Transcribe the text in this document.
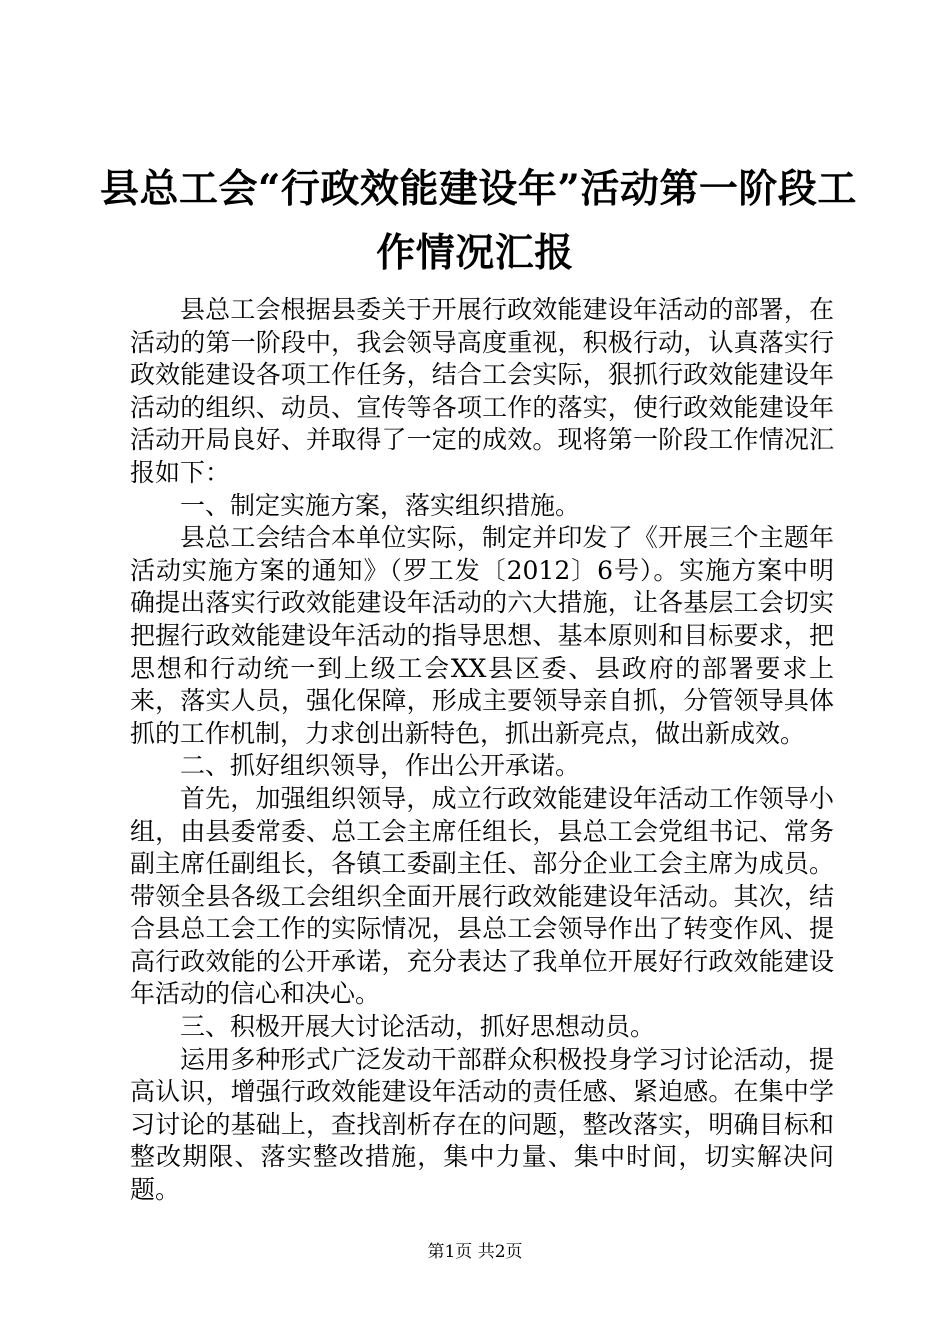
县总工会“行政效能建设年”活动第一阶段工
作情况汇报

县总工会根据县委关于开展行政效能建设年活动的部署，在活动的第一阶段中，我会领导高度重视，积极行动，认真落实行政效能建设各项工作任务，结合工会实际，狠抓行政效能建设年活动的组织、动员、宣传等各项工作的落实，使行政效能建设年活动开局良好、并取得了一定的成效。现将第一阶段工作情况汇报如下：

一、制定实施方案，落实组织措施。

县总工会结合本单位实际，制定并印发了《开展三个主题年活动实施方案的通知》（罗工发〔2012〕6号）。实施方案中明确提出落实行政效能建设年活动的六大措施，让各基层工会切实把握行政效能建设年活动的指导思想、基本原则和目标要求，把思想和行动统一到上级工会XX县区委、县政府的部署要求上来，落实人员，强化保障，形成主要领导亲自抓，分管领导具体抓的工作机制，力求创出新特色，抓出新亮点，做出新成效。

二、抓好组织领导，作出公开承诺。

首先，加强组织领导，成立行政效能建设年活动工作领导小组，由县委常委、总工会主席任组长，县总工会党组书记、常务副主席任副组长，各镇工委副主任、部分企业工会主席为成员。带领全县各级工会组织全面开展行政效能建设年活动。其次，结合县总工会工作的实际情况，县总工会领导作出了转变作风、提高行政效能的公开承诺，充分表达了我单位开展好行政效能建设年活动的信心和决心。

三、积极开展大讨论活动，抓好思想动员。

运用多种形式广泛发动干部群众积极投身学习讨论活动，提高认识，增强行政效能建设年活动的责任感、紧迫感。在集中学习讨论的基础上，查找剖析存在的问题，整改落实，明确目标和整改期限、落实整改措施，集中力量、集中时间，切实解决问题。

第1页 共2页
